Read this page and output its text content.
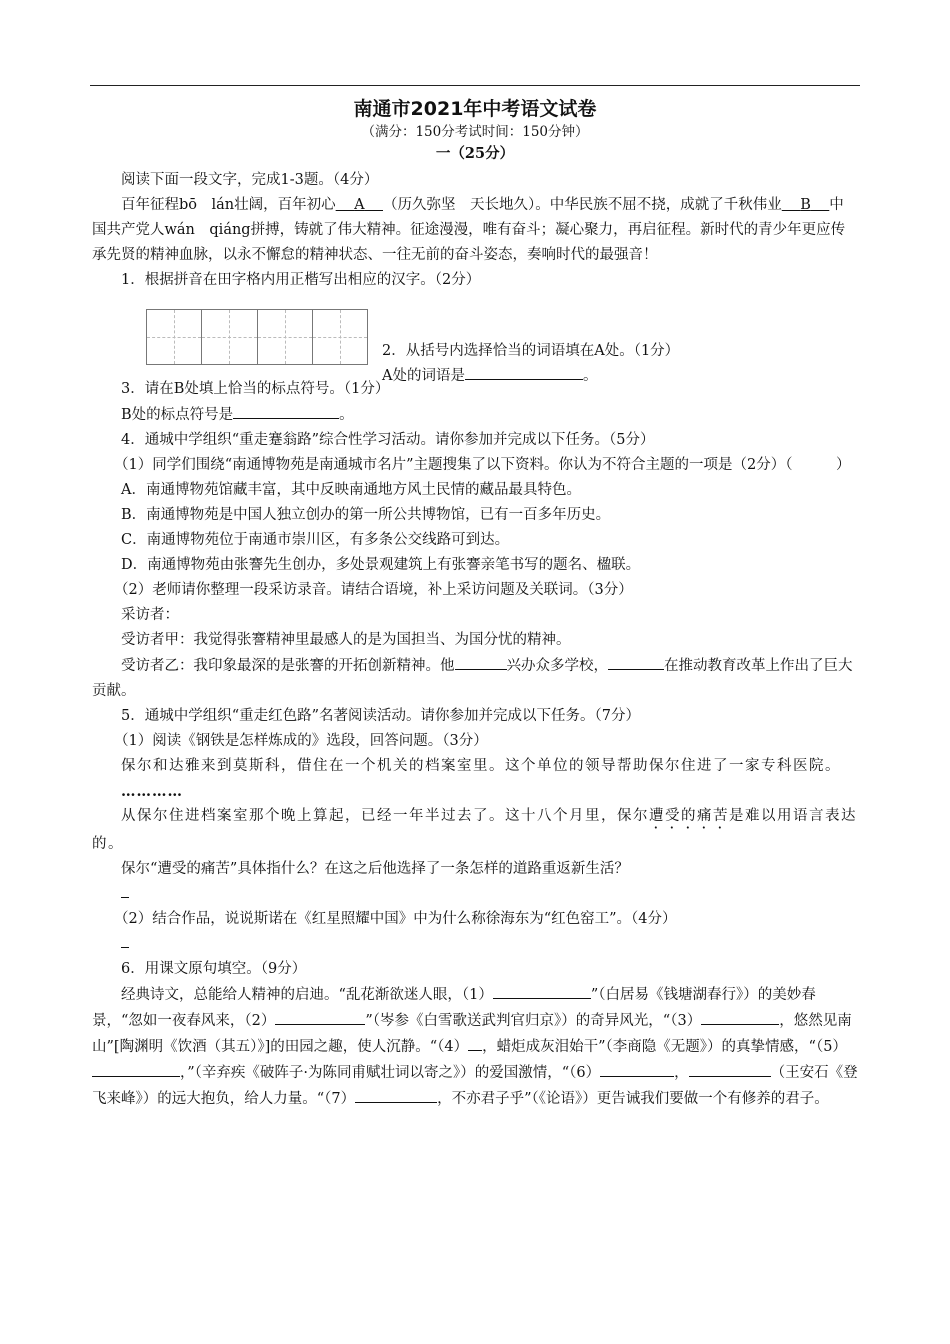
南通市2021年中考语文试卷

（满分：150分考试时间：150分钟）

一（25分）

阅读下面一段文字，完成1-3题。（4分）

百年征程bō　lán壮阔，百年初心 A （历久弥坚　天长地久）。中华民族不屈不挠，成就了千秋伟业 B 中国共产党人wán　qiáng拼搏，铸就了伟大精神。征途漫漫，唯有奋斗；凝心聚力，再启征程。新时代的青少年更应传承先贤的精神血脉，以永不懈怠的精神状态、一往无前的奋斗姿态，奏响时代的最强音！

1．根据拼音在田字格内用正楷写出相应的汉字。（2分）

2．从括号内选择恰当的词语填在A处。（1分）

A处的词语是	。

3．请在B处填上恰当的标点符号。（1分）

B处的标点符号是	。

4．通城中学组织“重走蹇翁路”综合性学习活动。请你参加并完成以下任务。（5分）

（1）同学们围绕“南通博物苑是南通城市名片”主题搜集了以下资料。你认为不符合主题的一项是（2分）（　　　）

A．南通博物苑馆藏丰富，其中反映南通地方风土民情的藏品最具特色。

B．南通博物苑是中国人独立创办的第一所公共博物馆，已有一百多年历史。

C．南通博物苑位于南通市崇川区，有多条公交线路可到达。

D．南通博物苑由张謇先生创办，多处景观建筑上有张謇亲笔书写的题名、楹联。

（2）老师请你整理一段采访录音。请结合语境，补上采访问题及关联词。（3分）

采访者：

受访者甲：我觉得张謇精神里最感人的是为国担当、为国分忧的精神。

受访者乙：我印象最深的是张謇的开拓创新精神。他	兴办众多学校，	在推动教育改革上作出了巨大贡献。

5．通城中学组织“重走红色路”名著阅读活动。请你参加并完成以下任务。（7分）

（1）阅读《钢铁是怎样炼成的》选段，回答问题。（3分）

保尔和达雅来到莫斯科，借住在一个机关的档案室里。这个单位的领导帮助保尔住进了一家专科医院。

…………

从保尔住进档案室那个晚上算起，已经一年半过去了。这十八个月里，保尔遭受的痛苦是难以用语言表达的。

保尔“遭受的痛苦”具体指什么？在这之后他选择了一条怎样的道路重返新生活？

（2）结合作品，说说斯诺在《红星照耀中国》中为什么称徐海东为“红色窑工”。（4分）

6．用课文原句填空。（9分）

经典诗文，总能给人精神的启迪。“乱花渐欲迷人眼，（1）	”（白居易《钱塘湖春行》）的美妙春景，“忽如一夜春风来，（2）	”（岑参《白雪歌送武判官归京》）的奇异风光，“（3）	，悠然见南山”[陶渊明《饮酒（其五）》]的田园之趣，使人沉静。“（4） ，蜡炬成灰泪始干”（李商隐《无题》）的真挚情感，“（5），”（辛弃疾《破阵子·为陈同甫赋壮词以寄之》）的爱国激情，“（6）	，	（王安石《登飞来峰》）的远大抱负，给人力量。“（7）	，不亦君子乎”（《论语》）更告诫我们要做一个有修养的君子。
